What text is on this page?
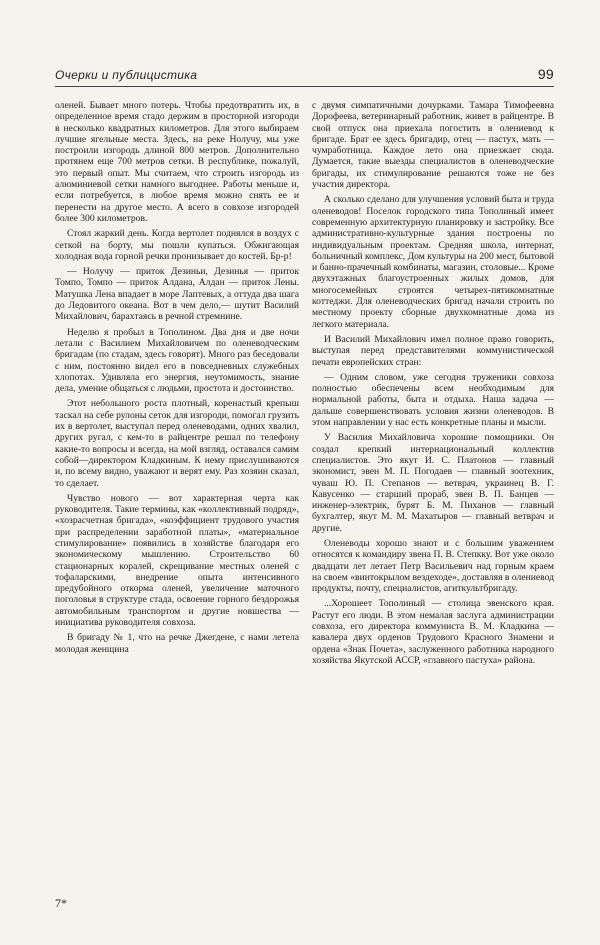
Очерки и публицистика	99

оленей. Бывает много потерь. Чтобы предотвратить их, в определенное время стадо держим в просторной изгороди в несколько квадратных километров. Для этого выбираем лучшие ягельные места. Здесь, на реке Нолучу, мы уже построили изгородь длиной 800 метров. Дополнительно протянем еще 700 метров сетки. В республике, пожалуй, это первый опыт. Мы считаем, что строить изгородь из алюминиевой сетки намного выгоднее. Работы меньше и, если потребуется, в любое время можно снять ее и перенести на другое место. А всего в совхозе изгородей более 300 километров.

Стоял жаркий день. Когда вертолет поднялся в воздух с сеткой на борту, мы пошли купаться. Обжигающая холодная вода горной речки пронизывает до костей. Бр-р!

— Нолучу — приток Дезиньи, Дезинья — приток Томпо, Томпо — приток Алдана, Алдан — приток Лены. Матушка Лена впадает в море Лаптевых, а оттуда два шага до Ледовитого океана. Вот в чем дело,— шутит Василий Михайлович, барахтаясь в речной стремнине.

Неделю я пробыл в Тополином. Два дня и две ночи летали с Василием Михайловичем по оленеводческим бригадам (по стадам, здесь говорят). Много раз беседовали с ним, постоянно видел его в повседневных служебных хлопотах. Удивляла его энергия, неутомимость, знание дела, умение общаться с людьми, простота и достоинство.

Этот небольшого роста плотный, коренастый крепыш таскал на себе рулоны сеток для изгороди, помогал грузить их в вертолет, выступал перед оленеводами, одних хвалил, других ругал, с кем-то в райцентре решал по телефону какие-то вопросы и всегда, на мой взгляд, оставался самим собой—директором Кладкиным. К нему прислушиваются и, по всему видно, уважают и верят ему. Раз хозяин сказал, то сделает.

Чувство нового — вот характерная черта как руководителя. Такие термины, как «коллективный подряд», «хозрасчетная бригада», «коэффициент трудового участия при распределении заработной платы», «материальное стимулирование» появились в хозяйстве благодаря его экономическому мышлению. Строительство 60 стационарных коралей, скрещивание местных оленей с тофаларскими, внедрение опыта интенсивного предубойного откорма оленей, увеличение маточного поголовья в структуре стада, освоение горного бездорожья автомобильным транспортом и другие новшества — инициатива руководителя совхоза.

В бригаду № 1, что на речке Джегдене, с нами летела молодая женщина

с двумя симпатичными дочурками. Тамара Тимофеевна Дорофеева, ветеринарный работник, живет в райцентре. В свой отпуск она приехала погостить в олениевод к бригаде. Брат ее здесь бригадир, отец — пастух, мать — чумработница. Каждое лето она приезжает сюда. Думается, такие выезды специалистов в оленеводческие бригады, их стимулирование решаются тоже не без участия директора.

А сколько сделано для улучшения условий быта и труда оленеводов! Поселок городского типа Тополиный имеет современную архитектурную планировку и застройку. Все административно-культурные здания построены по индивидуальным проектам. Средняя школа, интернат, больничный комплекс, Дом культуры на 200 мест, бытовой и банно-прачечный комбинаты, магазин, столовые... Кроме двухэтажных благоустроенных жилых домов, для многосемейных строятся четырех-пятикомнатные коттеджи. Для оленеводческих бригад начали строить по местному проекту сборные двухкомнатные дома из легкого материала.

И Василий Михайлович имел полное право говорить, выступая перед представителями коммунистической печати европейских стран:

— Одним словом, уже сегодня труженики совхоза полностью обеспечены всем необходимым для нормальной работы, быта и отдыха. Наша задача — дальше совершенствовать условия жизни оленеводов. В этом направлении у нас есть конкретные планы и мысли.

У Василия Михайловича хорошие помощники. Он создал крепкий интернациональный коллектив специалистов. Это якут И. С. Платонов — главный экономист, эвен М. П. Погодаев — главный зоотехник, чуваш Ю. П. Степанов — ветврач, украинец В. Г. Кавусенко — старший прораб, эвен В. П. Банцев — инженер-электрик, бурят Б. М. Пиханов — главный бухгалтер, якут М. М. Махатыров — главный ветврач и другие.

Оленеводы хорошо знают и с большим уважением относятся к командиру звена П. В. Степкку. Вот уже около двадцати лет летает Петр Васильевич над горным краем на своем «винтокрылом вездеходе», доставляя в олениевод продукты, почту, специалистов, агиткультбригаду.

...Хорошеет Тополиный — столица эвенского края. Растут его люди. В этом немалая заслуга администрации совхоза, его директора коммуниста В. М. Кладкина — кавалера двух орденов Трудового Красного Знамени и ордена «Знак Почета», заслуженного работника народного хозяйства Якутской АССР, «главного пастуха» района.

7*
